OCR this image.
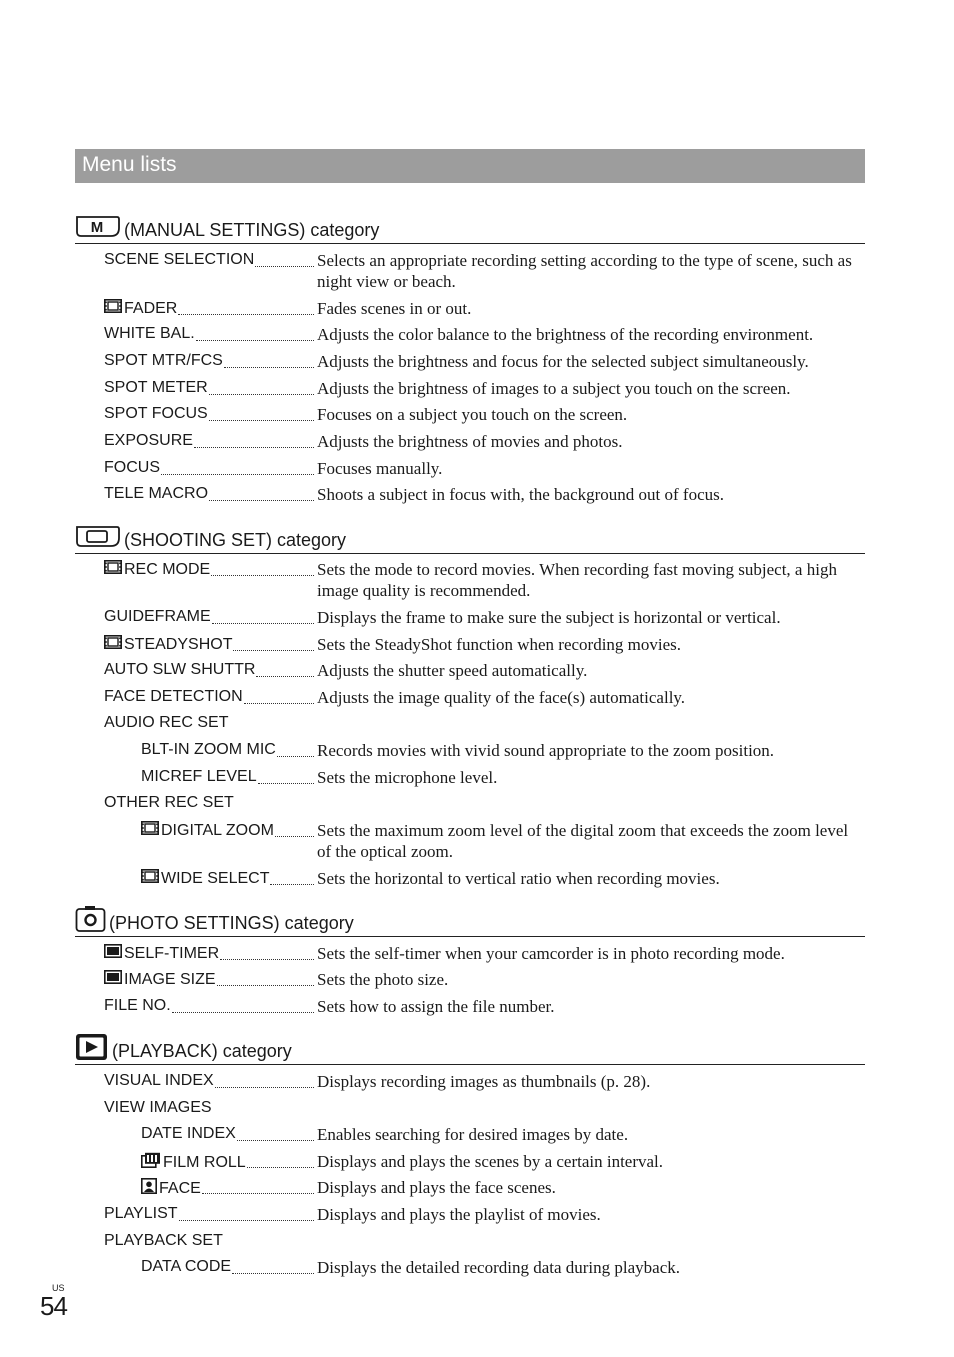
Menu lists
M (MANUAL SETTINGS) category
(SHOOTING SET) category
(PHOTO SETTINGS) category
(PLAYBACK) category
SCENE SELECTION	Selects an appropriate recording setting according to the type of scene, such as night view or beach.
FADER	Fades scenes in or out.
WHITE BAL.	Adjusts the color balance to the brightness of the recording environment.
SPOT MTR/FCS	Adjusts the brightness and focus for the selected subject simultaneously.
SPOT METER	Adjusts the brightness of images to a subject you touch on the screen.
SPOT FOCUS	Focuses on a subject you touch on the screen.
EXPOSURE	Adjusts the brightness of movies and photos.
FOCUS	Focuses manually.
TELE MACRO	Shoots a subject in focus with, the background out of focus.
REC MODE	Sets the mode to record movies. When recording fast moving subject, a high image quality is recommended.
GUIDEFRAME	Displays the frame to make sure the subject is horizontal or vertical.
STEADYSHOT	Sets the SteadyShot function when recording movies.
AUTO SLW SHUTTR	Adjusts the shutter speed automatically.
FACE DETECTION	Adjusts the image quality of the face(s) automatically.
AUDIO REC SET
BLT-IN ZOOM MIC Records movies with vivid sound appropriate to the zoom position.
MICREF LEVEL	Sets the microphone level.
OTHER REC SET
DIGITAL ZOOM	Sets the maximum zoom level of the digital zoom that exceeds the zoom level of the optical zoom.
WIDE SELECT	Sets the horizontal to vertical ratio when recording movies.
SELF-TIMER	Sets the self-timer when your camcorder is in photo recording mode.
IMAGE SIZE	Sets the photo size.
FILE NO.	Sets how to assign the file number.
VISUAL INDEX	Displays recording images as thumbnails (p. 28).
VIEW IMAGES
DATE INDEX	Enables searching for desired images by date.
FILM ROLL	Displays and plays the scenes by a certain interval.
FACE	Displays and plays the face scenes.
PLAYLIST	Displays and plays the playlist of movies.
PLAYBACK SET
DATA CODE	Displays the detailed recording data during playback.
US
54
